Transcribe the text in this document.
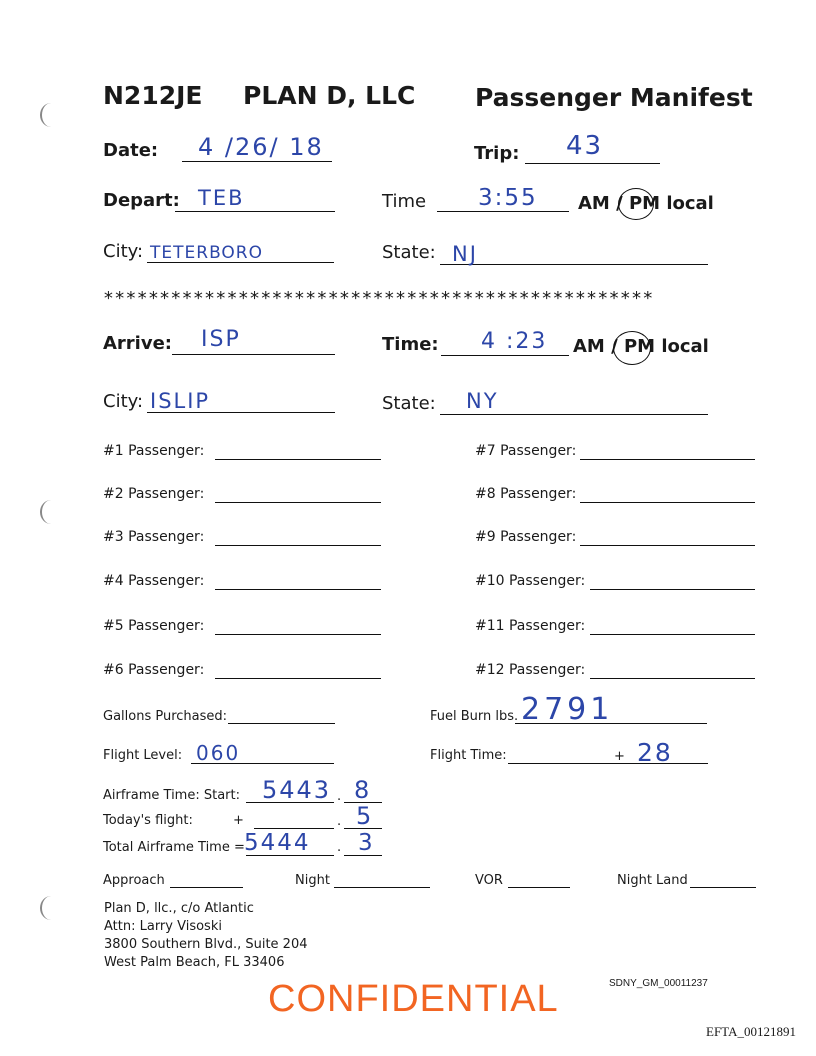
N212JE PLAN D, LLC Passenger Manifest
Date: 4 /26/ 18	Trip: 43
Depart: TEB	Time 3:55 AM / PM local
City: TETERBORO	State: NJ
*************************************************
Arrive: ISP	Time: 4 :23 AM / PM local
City: ISLIP	State: NY
#1 Passenger:
#2 Passenger:
#3 Passenger:
#4 Passenger:
#5 Passenger:
#6 Passenger:
#7 Passenger:
#8 Passenger:
#9 Passenger:
#10 Passenger:
#11 Passenger:
#12 Passenger:
Gallons Purchased:	Fuel Burn lbs. 2791
Flight Level: 060	Flight Time:	+ 28
Airframe Time: Start: 5443 . 8
Today's flight:	+	. 5
Total Airframe Time = 5444 . 3
Approach	Night	VOR	Night Land
Plan D, llc., c/o Atlantic
Attn: Larry Visoski
3800 Southern Blvd., Suite 204
West Palm Beach, FL 33406
SDNY_GM_00011237
CONFIDENTIAL
EFTA_00121891
